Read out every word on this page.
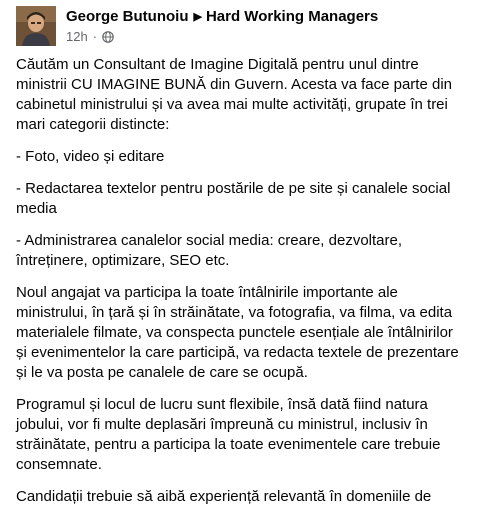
George Butunoiu ▶ Hard Working Managers
12h ·

Căutăm un Consultant de Imagine Digitală pentru unul dintre ministrii CU IMAGINE BUNĂ din Guvern. Acesta va face parte din cabinetul ministrului și va avea mai multe activități, grupate în trei mari categorii distincte:

- Foto, video și editare

- Redactarea textelor pentru postările de pe site și canalele social media

- Administrarea canalelor social media: creare, dezvoltare, întreținere, optimizare, SEO etc.

Noul angajat va participa la toate întâlnirile importante ale ministrului, în țară și în străinătate, va fotografia, va filma, va edita materialele filmate, va conspecta punctele esențiale ale întâlnirilor și evenimentelor la care participă, va redacta textele de prezentare și le va posta pe canalele de care se ocupă.

Programul și locul de lucru sunt flexibile, însă dată fiind natura jobului, vor fi multe deplasări împreună cu ministrul, inclusiv în străinătate, pentru a participa la toate evenimentele care trebuie consemnate.

Candidații trebuie să aibă experiență relevantă în domeniile de
